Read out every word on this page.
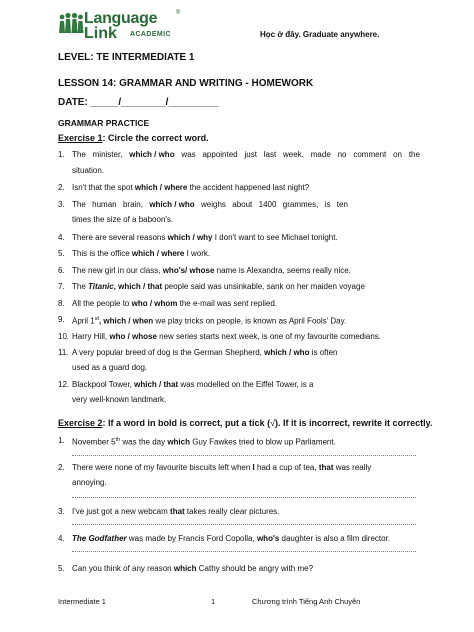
Language	®
Link ACADEMIC	Học ở đây. Graduate anywhere.
LEVEL: TE INTERMEDIATE 1
LESSON 14: GRAMMAR AND WRITING - HOMEWORK
DATE: _____/________/_________
GRAMMAR PRACTICE
Exercise 1: Circle the correct word.
1. The minister, which / who was appointed just last week, made no comment on the
situation.
2. Isn't that the spot which / where the accident happened last night?
3. The human brain, which / who weighs about 1400 grammes, is ten
times the size of a baboon's.
4. There are several reasons which / why I don't want to see Michael tonight.
5. This is the office which / where I work.
6. The new girl in our class, who's/ whose name is Alexandra, seems really nice.
7. The Titanic, which / that people said was unsinkable, sank on her maiden voyage
8. All the people to who / whom the e-mail was sent replied.
9. April 1st, which / when we play tricks on people, is known as April Fools' Day.
10. Harry Hill, who / whose new series starts next week, is one of my favourite comedians.
11. A very popular breed of dog is the German Shepherd, which / who is often
used as a guard dog.
12. Blackpool Tower, which / that was modelled on the Eiffel Tower, is a
very well-known landmark.
Exercise 2: If a word in bold is correct, put a tick (√). If it is incorrect, rewrite it correctly.
1. November 5th was the day which Guy Fawkes tried to blow up Parliament.
2. There were none of my favourite biscuits left when I had a cup of tea, that was really
annoying.
3. I've just got a new webcam that takes really clear pictures.
4. The Godfather was made by Francis Ford Copolla, who's daughter is also a film director.
5. Can you think of any reason which Cathy should be angry with me?
Intermediate 1	1	Chương trình Tiếng Anh Chuyên
